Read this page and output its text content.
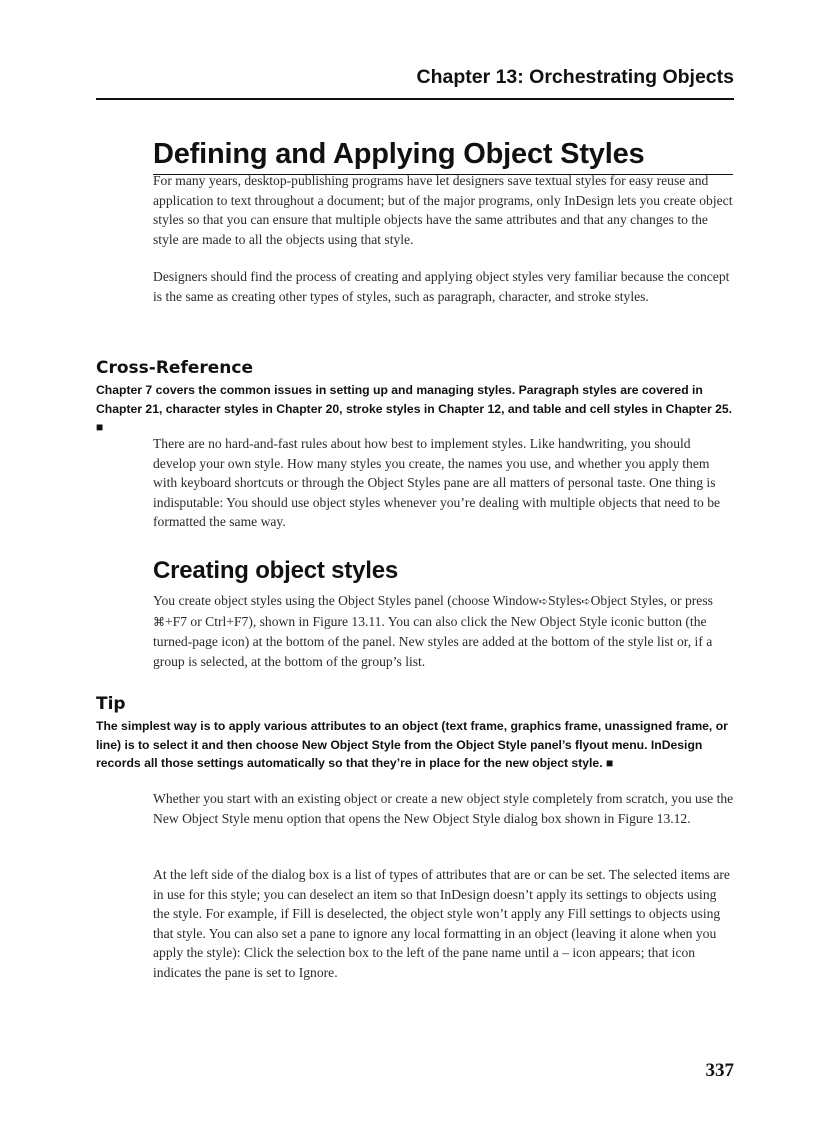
Chapter 13: Orchestrating Objects
Defining and Applying Object Styles

For many years, desktop-publishing programs have let designers save textual styles for easy reuse and application to text throughout a document; but of the major programs, only InDesign lets you create object styles so that you can ensure that multiple objects have the same attributes and that any changes to the style are made to all the objects using that style.

Designers should find the process of creating and applying object styles very familiar because the concept is the same as creating other types of styles, such as paragraph, character, and stroke styles.

Cross-Reference

Chapter 7 covers the common issues in setting up and managing styles. Paragraph styles are covered in Chapter 21, character styles in Chapter 20, stroke styles in Chapter 12, and table and cell styles in Chapter 25. ■

There are no hard-and-fast rules about how best to implement styles. Like handwriting, you should develop your own style. How many styles you create, the names you use, and whether you apply them with keyboard shortcuts or through the Object Styles pane are all matters of personal taste. One thing is indisputable: You should use object styles whenever you’re dealing with multiple objects that need to be formatted the same way.

Creating object styles

You create object styles using the Object Styles panel (choose Window➪Styles➪Object Styles, or press ⌘+F7 or Ctrl+F7), shown in Figure 13.11. You can also click the New Object Style iconic button (the turned-page icon) at the bottom of the panel. New styles are added at the bottom of the style list or, if a group is selected, at the bottom of the group’s list.

Tip

The simplest way is to apply various attributes to an object (text frame, graphics frame, unassigned frame, or line) is to select it and then choose New Object Style from the Object Style panel’s flyout menu. InDesign records all those settings automatically so that they’re in place for the new object style. ■

Whether you start with an existing object or create a new object style completely from scratch, you use the New Object Style menu option that opens the New Object Style dialog box shown in Figure 13.12.

At the left side of the dialog box is a list of types of attributes that are or can be set. The selected items are in use for this style; you can deselect an item so that InDesign doesn’t apply its settings to objects using the style. For example, if Fill is deselected, the object style won’t apply any Fill settings to objects using that style. You can also set a pane to ignore any local formatting in an object (leaving it alone when you apply the style): Click the selection box to the left of the pane name until a – icon appears; that icon indicates the pane is set to Ignore.

337
